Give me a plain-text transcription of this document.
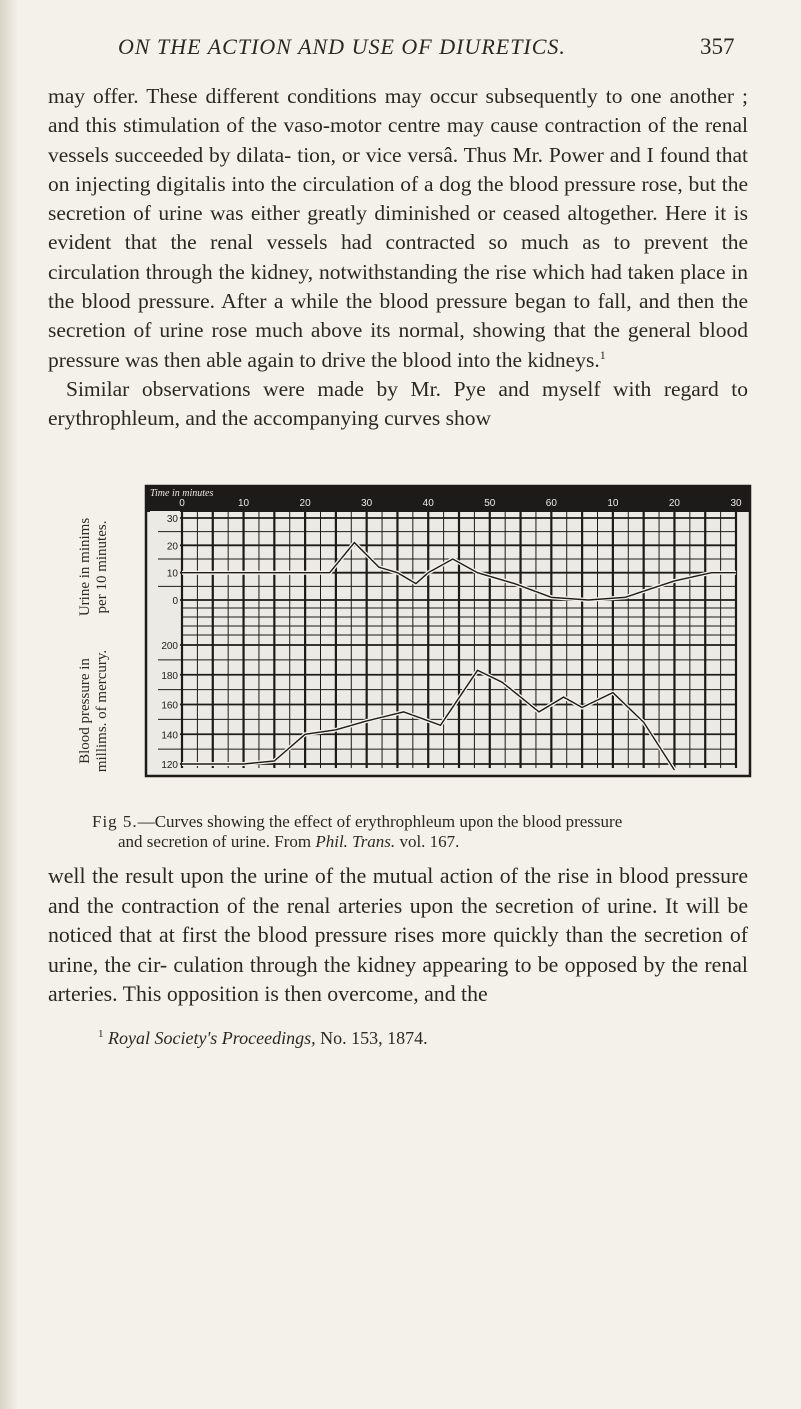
ON THE ACTION AND USE OF DIURETICS.	357

may offer. These different conditions may occur subsequently to one another ; and this stimulation of the vaso-motor centre may cause contraction of the renal vessels succeeded by dilata- tion, or vice versâ. Thus Mr. Power and I found that on injecting digitalis into the circulation of a dog the blood pressure rose, but the secretion of urine was either greatly diminished or ceased altogether. Here it is evident that the renal vessels had contracted so much as to prevent the circulation through the kidney, notwithstanding the rise which had taken place in the blood pressure. After a while the blood pressure began to fall, and then the secretion of urine rose much above its normal, showing that the general blood pressure was then able again to drive the blood into the kidneys.$^1$

Similar observations were made by Mr. Pye and myself with regard to erythrophleum, and the accompanying curves show

Urine in minims
per 10 minutes.
Blood pressure in
millims. of mercury.
Time in minutes
0	10	20	30	40	50	60	10	20	30
30
20
10
0
200
180
160
140
120
Fig 5.—Curves showing the effect of erythrophleum upon the blood pressure
and secretion of urine. From Phil. Trans. vol. 167.

well the result upon the urine of the mutual action of the rise in blood pressure and the contraction of the renal arteries upon the secretion of urine. It will be noticed that at first the blood pressure rises more quickly than the secretion of urine, the cir- culation through the kidney appearing to be opposed by the renal arteries. This opposition is then overcome, and the

$^1$ Royal Society's Proceedings, No. 153, 1874.
